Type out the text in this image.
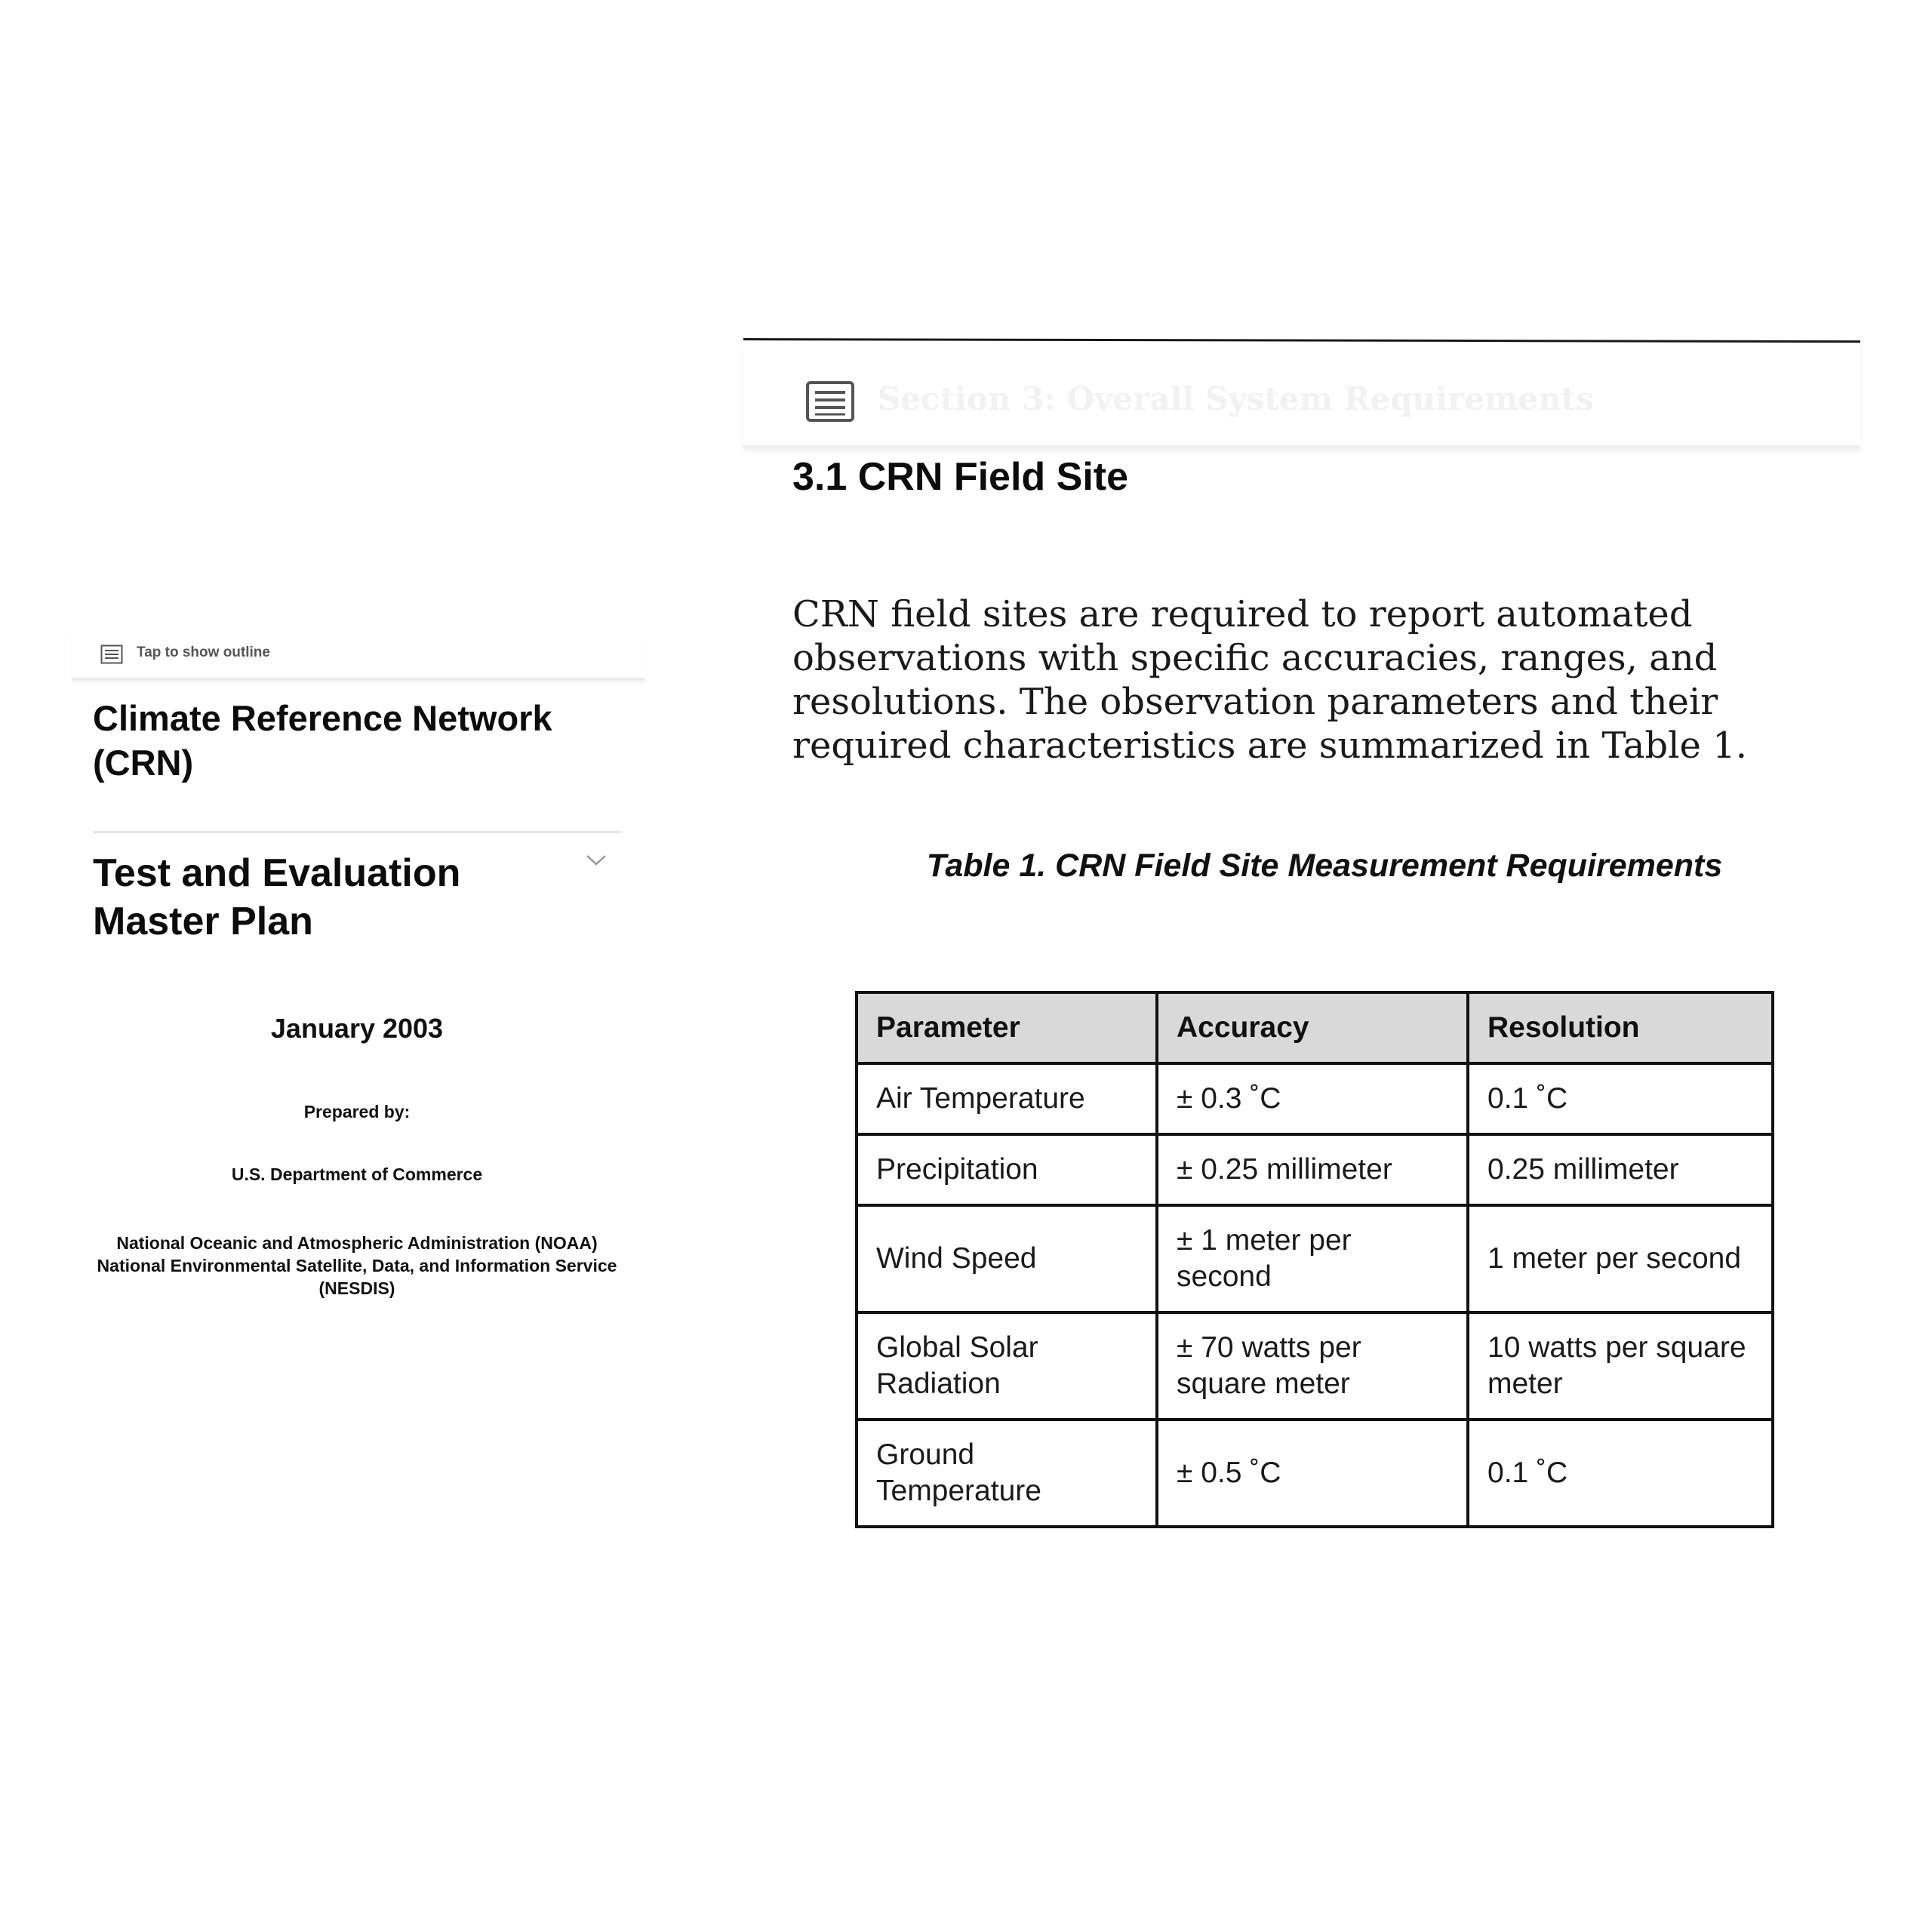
Tap to show outline
Climate Reference Network (CRN)
Test and Evaluation Master Plan
January 2003
Prepared by:
U.S. Department of Commerce
National Oceanic and Atmospheric Administration (NOAA)
National Environmental Satellite, Data, and Information Service
(NESDIS)
Section 3: Overall System Requirements
3.1 CRN Field Site
CRN field sites are required to report automated observations with specific accuracies, ranges, and resolutions. The observation parameters and their required characteristics are summarized in Table 1.
Table 1. CRN Field Site Measurement Requirements
Parameter	Accuracy	Resolution
Air Temperature	± 0.3 ˚C	0.1 ˚C
Precipitation	± 0.25 millimeter	0.25 millimeter
Wind Speed	± 1 meter per second	1 meter per second
Global Solar Radiation	± 70 watts per square meter	10 watts per square meter
Ground Temperature	± 0.5 ˚C	0.1 ˚C
